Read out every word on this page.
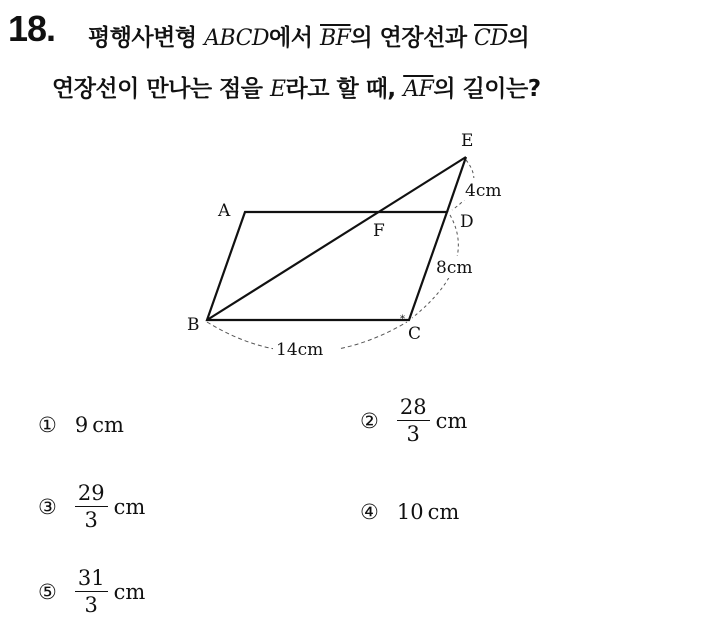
18. 평행사변형 ABCD에서 $\overline{BF}$의 연장선과 $\overline{CD}$의
연장선이 만나는 점을 E라고 할 때, $\overline{AF}$의 길이는?
*
A
B	C
D
E
F
4cm
8cm
14cm
① 9 cm	② $\frac{28}{3}$ cm
③ $\frac{29}{3}$ cm	④ 10 cm
⑤ $\frac{31}{3}$ cm
